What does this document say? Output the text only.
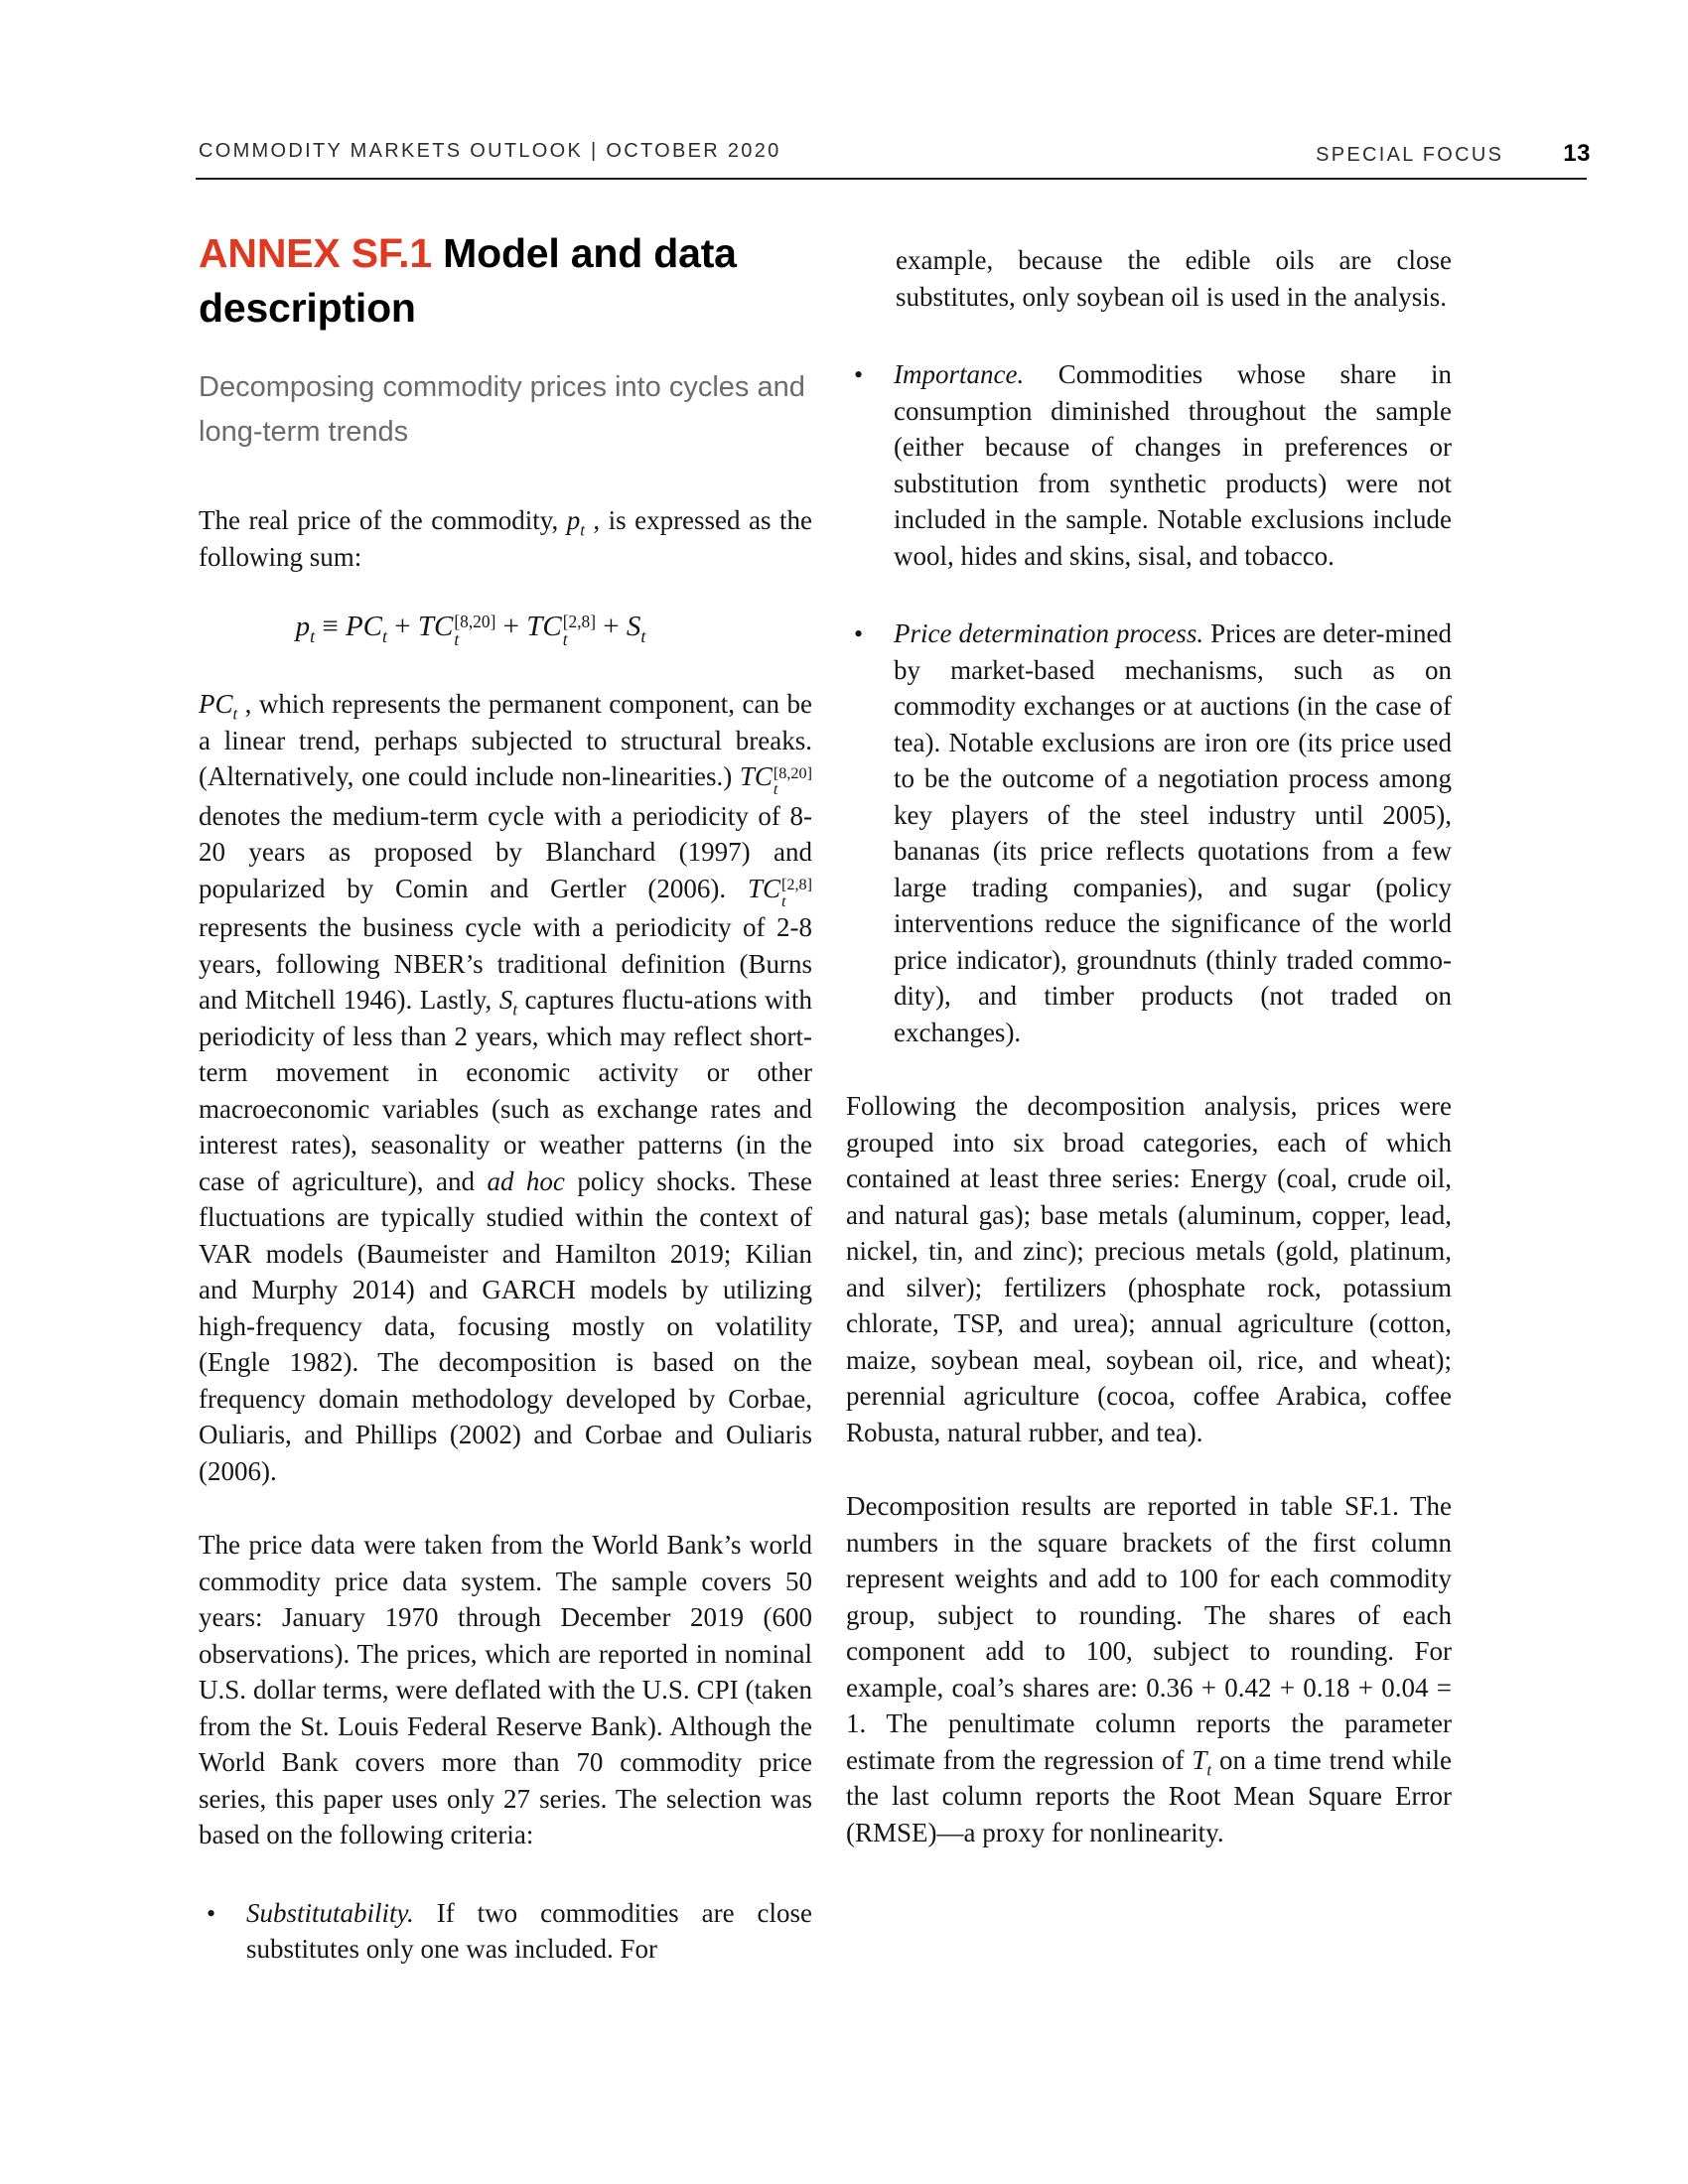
COMMODITY MARKETS OUTLOOK | OCTOBER 2020	SPECIAL FOCUS	13
ANNEX SF.1 Model and data description
Decomposing commodity prices into cycles and long-term trends
The real price of the commodity, $p_t$ , is expressed as the following sum:
$p_t \equiv PC_t$ + TC [8,20]
t	+ TC [2,8]
$t + S_t$
$PC_t$ , which represents the permanent component, can be a linear trend, perhaps subjected to structural breaks. (Alternatively, one could include non-linearities.) TC [8,20]
t
denotes the medium-term cycle with a periodicity of 8-20 years as proposed by Blanchard (1997) and popularized by Comin and Gertler (2006). TC [2,8]
t
represents the business cycle with a periodicity of 2-8 years, following NBER’s traditional definition (Burns and Mitchell 1946). Lastly, $S_t$ captures fluctu-ations with periodicity of less than 2 years, which may reflect short-term movement in economic activity or other macroeconomic variables (such as exchange rates and interest rates), seasonality or weather patterns (in the case of agriculture), and ad hoc policy shocks. These fluctuations are typically studied within the context of VAR models (Baumeister and Hamilton 2019; Kilian and Murphy 2014) and GARCH models by utilizing high-frequency data, focusing mostly on volatility (Engle 1982). The decomposition is based on the frequency domain methodology developed by Corbae, Ouliaris, and Phillips (2002) and Corbae and Ouliaris (2006).
The price data were taken from the World Bank’s world commodity price data system. The sample covers 50 years: January 1970 through December 2019 (600 observations). The prices, which are reported in nominal U.S. dollar terms, were deflated with the U.S. CPI (taken from the St. Louis Federal Reserve Bank). Although the World Bank covers more than 70 commodity price series, this paper uses only 27 series. The selection was based on the following criteria:
• Substitutability. If two commodities are close substitutes only one was included. For
example, because the edible oils are close substitutes, only soybean oil is used in the analysis.
• Importance. Commodities whose share in consumption diminished throughout the sample (either because of changes in preferences or substitution from synthetic products) were not included in the sample. Notable exclusions include wool, hides and skins, sisal, and tobacco.
• Price determination process. Prices are deter-mined by market-based mechanisms, such as on commodity exchanges or at auctions (in the case of tea). Notable exclusions are iron ore (its price used to be the outcome of a negotiation process among key players of the steel industry until 2005), bananas (its price reflects quotations from a few large trading companies), and sugar (policy interventions reduce the significance of the world price indicator), groundnuts (thinly traded commo-dity), and timber products (not traded on exchanges).
Following the decomposition analysis, prices were grouped into six broad categories, each of which contained at least three series: Energy (coal, crude oil, and natural gas); base metals (aluminum, copper, lead, nickel, tin, and zinc); precious metals (gold, platinum, and silver); fertilizers (phosphate rock, potassium chlorate, TSP, and urea); annual agriculture (cotton, maize, soybean meal, soybean oil, rice, and wheat); perennial agriculture (cocoa, coffee Arabica, coffee Robusta, natural rubber, and tea).
Decomposition results are reported in table SF.1. The numbers in the square brackets of the first column represent weights and add to 100 for each commodity group, subject to rounding. The shares of each component add to 100, subject to rounding. For example, coal’s shares are: 0.36 + 0.42 + 0.18 + 0.04 = 1. The penultimate column reports the parameter estimate from the regression of $T_t$ on a time trend while the last column reports the Root Mean Square Error (RMSE)—a proxy for nonlinearity.
